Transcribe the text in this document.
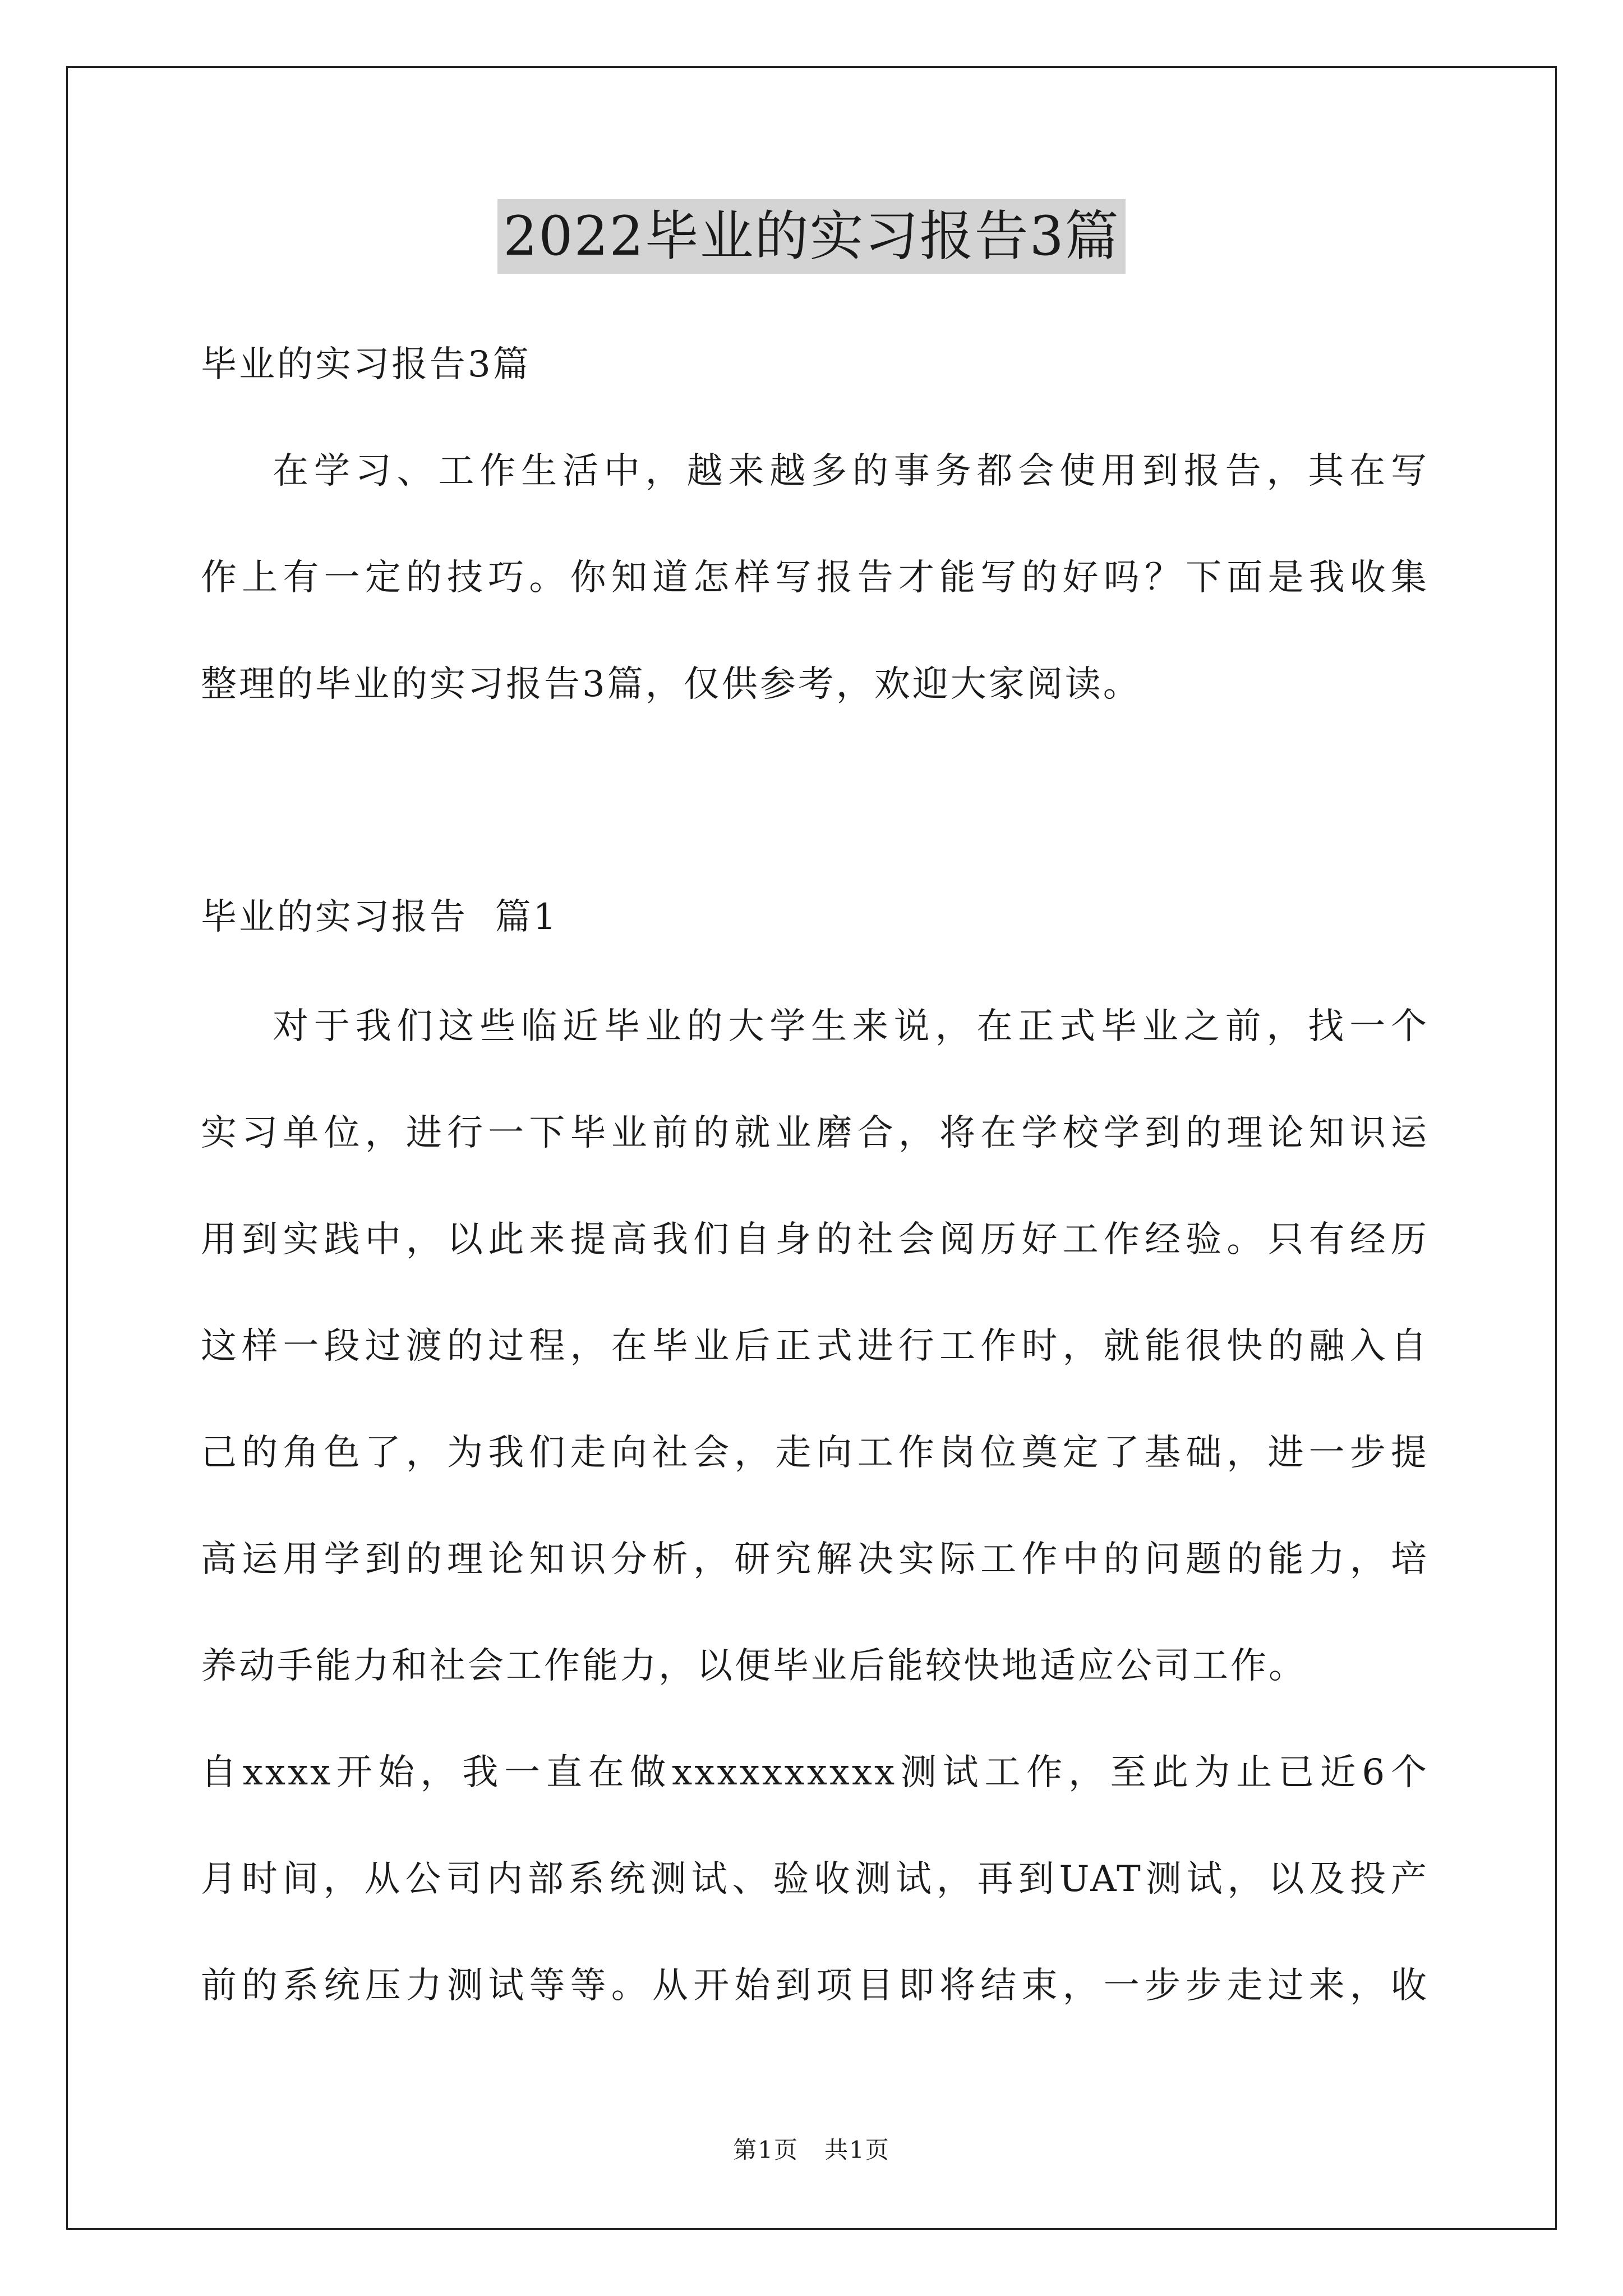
2022毕业的实习报告3篇
毕业的实习报告3篇
在学习、工作生活中，越来越多的事务都会使用到报告，其在写
作上有一定的技巧。你知道怎样写报告才能写的好吗？下面是我收集
整理的毕业的实习报告3篇，仅供参考，欢迎大家阅读。
毕业的实习报告  篇1
对于我们这些临近毕业的大学生来说，在正式毕业之前，找一个
实习单位，进行一下毕业前的就业磨合，将在学校学到的理论知识运
用到实践中，以此来提高我们自身的社会阅历好工作经验。只有经历
这样一段过渡的过程，在毕业后正式进行工作时，就能很快的融入自
己的角色了，为我们走向社会，走向工作岗位奠定了基础，进一步提
高运用学到的理论知识分析，研究解决实际工作中的问题的能力，培
养动手能力和社会工作能力，以便毕业后能较快地适应公司工作。
自xxxx开始，我一直在做xxxxxxxxxx测试工作，至此为止已近6个
月时间，从公司内部系统测试、验收测试，再到UAT测试，以及投产
前的系统压力测试等等。从开始到项目即将结束，一步步走过来，收
第1页   共1页
